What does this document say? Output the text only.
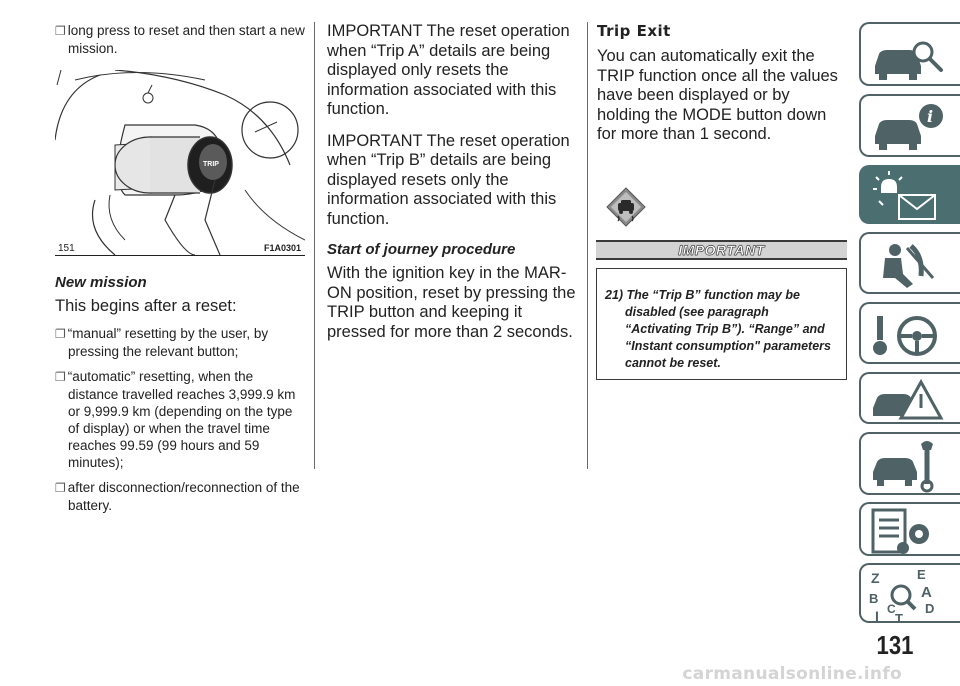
❐ long press to reset and then start a new mission.

TRIP
151	F1A0301

New mission

This begins after a reset:

❐ “manual” resetting by the user, by pressing the relevant button;

❐ “automatic” resetting, when the distance travelled reaches 3,999.9 km or 9,999.9 km (depending on the type of display) or when the travel time reaches 99.59 (99 hours and 59 minutes);

❐ after disconnection/reconnection of the battery.

IMPORTANT The reset operation when “Trip A” details are being displayed only resets the information associated with this function.

IMPORTANT The reset operation when “Trip B” details are being displayed resets only the information associated with this function.

Start of journey procedure

With the ignition key in the MAR-ON position, reset by pressing the TRIP button and keeping it pressed for more than 2 seconds.

Trip Exit

You can automatically exit the TRIP function once all the values have been displayed or by holding the MODE button down for more than 1 second.

IMPORTANT

21) The “Trip B” function may be disabled (see paragraph “Activating Trip B”). “Range” and “Instant consumption" parameters cannot be reset.

i
Z	E
B	A
I C
T
D
131
carmanualsonline.info
